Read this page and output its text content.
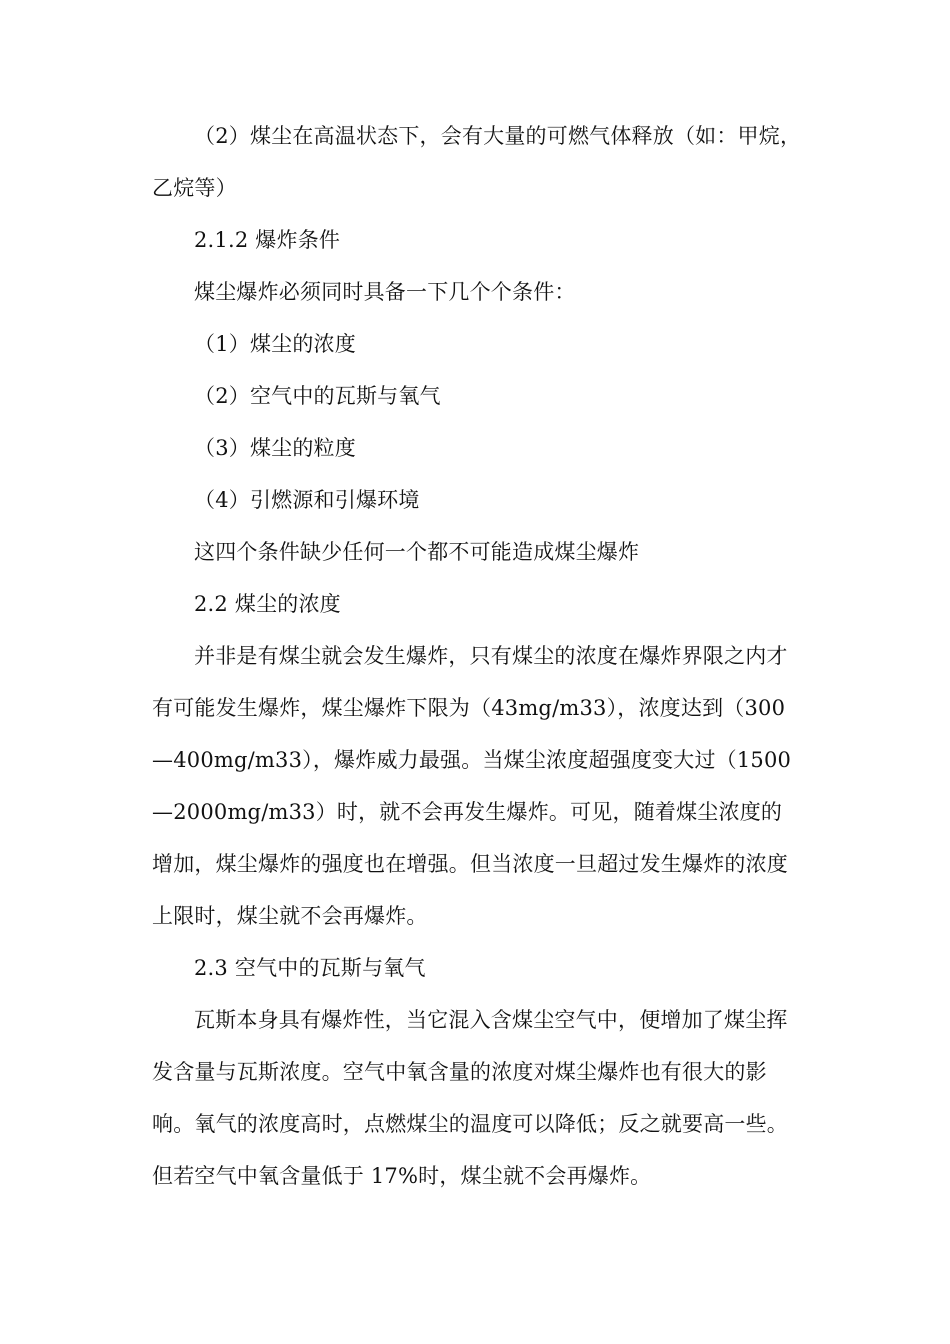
（2）煤尘在高温状态下，会有大量的可燃气体释放（如：甲烷，乙烷等）

2.1.2 爆炸条件

煤尘爆炸必须同时具备一下几个个条件：

（1）煤尘的浓度

（2）空气中的瓦斯与氧气

（3）煤尘的粒度

（4）引燃源和引爆环境

这四个条件缺少任何一个都不可能造成煤尘爆炸

2.2 煤尘的浓度

并非是有煤尘就会发生爆炸，只有煤尘的浓度在爆炸界限之内才有可能发生爆炸，煤尘爆炸下限为（43mg/m33），浓度达到（300—400mg/m33），爆炸威力最强。当煤尘浓度超强度变大过（1500—2000mg/m33）时，就不会再发生爆炸。可见，随着煤尘浓度的增加，煤尘爆炸的强度也在增强。但当浓度一旦超过发生爆炸的浓度上限时，煤尘就不会再爆炸。

2.3 空气中的瓦斯与氧气

瓦斯本身具有爆炸性，当它混入含煤尘空气中，便增加了煤尘挥发含量与瓦斯浓度。空气中氧含量的浓度对煤尘爆炸也有很大的影响。氧气的浓度高时，点燃煤尘的温度可以降低；反之就要高一些。但若空气中氧含量低于 17%时，煤尘就不会再爆炸。
